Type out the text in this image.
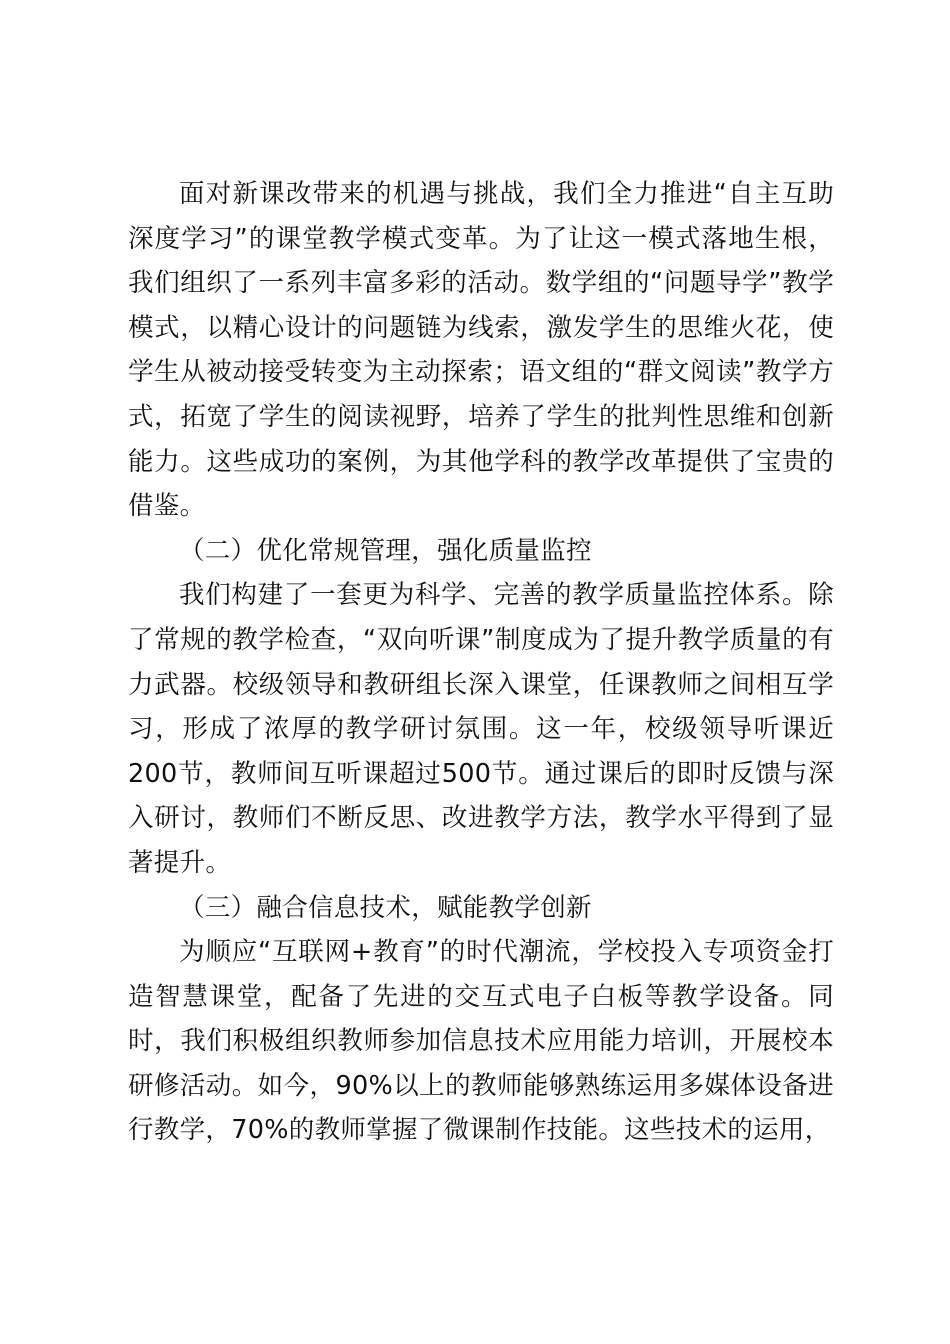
面对新课改带来的机遇与挑战，我们全力推进“自主互助深度学习”的课堂教学模式变革。为了让这一模式落地生根，我们组织了一系列丰富多彩的活动。数学组的“问题导学”教学模式，以精心设计的问题链为线索，激发学生的思维火花，使学生从被动接受转变为主动探索；语文组的“群文阅读”教学方式，拓宽了学生的阅读视野，培养了学生的批判性思维和创新能力。这些成功的案例，为其他学科的教学改革提供了宝贵的借鉴。

（二）优化常规管理，强化质量监控

我们构建了一套更为科学、完善的教学质量监控体系。除了常规的教学检查，“双向听课”制度成为了提升教学质量的有力武器。校级领导和教研组长深入课堂，任课教师之间相互学习，形成了浓厚的教学研讨氛围。这一年，校级领导听课近200节，教师间互听课超过500节。通过课后的即时反馈与深入研讨，教师们不断反思、改进教学方法，教学水平得到了显著提升。

（三）融合信息技术，赋能教学创新

为顺应“互联网+教育”的时代潮流，学校投入专项资金打造智慧课堂，配备了先进的交互式电子白板等教学设备。同时，我们积极组织教师参加信息技术应用能力培训，开展校本研修活动。如今，90%以上的教师能够熟练运用多媒体设备进行教学，70%的教师掌握了微课制作技能。这些技术的运用，
